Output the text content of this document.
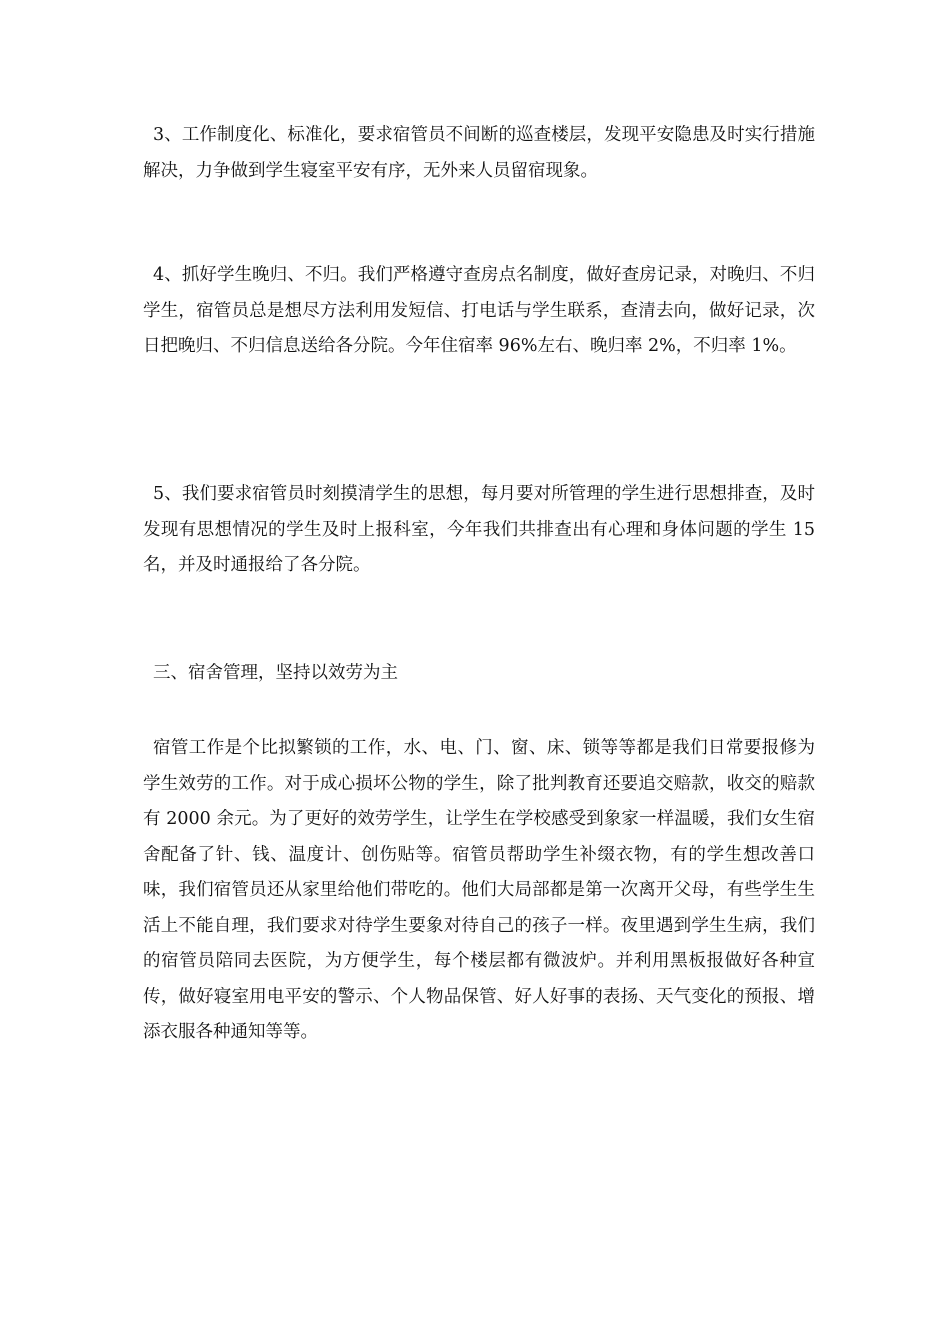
3、工作制度化、标准化，要求宿管员不间断的巡查楼层，发现平安隐患及时实行措施解决，力争做到学生寝室平安有序，无外来人员留宿现象。

4、抓好学生晚归、不归。我们严格遵守查房点名制度，做好查房记录，对晚归、不归学生，宿管员总是想尽方法利用发短信、打电话与学生联系，查清去向，做好记录，次日把晚归、不归信息送给各分院。今年住宿率 96%左右、晚归率 2%，不归率 1%。

5、我们要求宿管员时刻摸清学生的思想，每月要对所管理的学生进行思想排查，及时发现有思想情况的学生及时上报科室，今年我们共排查出有心理和身体问题的学生 15 名，并及时通报给了各分院。

三、宿舍管理，坚持以效劳为主

宿管工作是个比拟繁锁的工作，水、电、门、窗、床、锁等等都是我们日常要报修为学生效劳的工作。对于成心损坏公物的学生，除了批判教育还要追交赔款，收交的赔款有 2000 余元。为了更好的效劳学生，让学生在学校感受到象家一样温暖，我们女生宿舍配备了针、钱、温度计、创伤贴等。宿管员帮助学生补缀衣物，有的学生想改善口味，我们宿管员还从家里给他们带吃的。他们大局部都是第一次离开父母，有些学生生活上不能自理，我们要求对待学生要象对待自己的孩子一样。夜里遇到学生生病，我们的宿管员陪同去医院，为方便学生，每个楼层都有微波炉。并利用黑板报做好各种宣传，做好寝室用电平安的警示、个人物品保管、好人好事的表扬、天气变化的预报、增添衣服各种通知等等。
